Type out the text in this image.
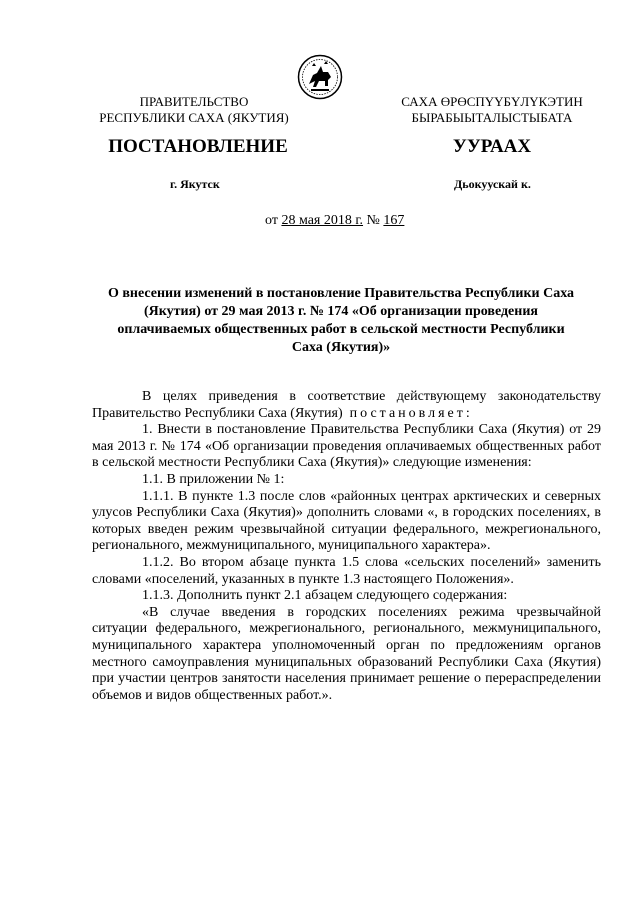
ПРАВИТЕЛЬСТВО
РЕСПУБЛИКИ САХА (ЯКУТИЯ)
САХА ӨРӨСПҮҮБҮЛҮКЭТИН
БЫРАБЫЫТАЛЫСТЫБАТА
ПОСТАНОВЛЕНИЕ	УУРААХ
г. Якутск	Дьокуускай к.
от 28 мая 2018 г. № 167
О внесении изменений в постановление Правительства Республики Саха
(Якутия) от 29 мая 2013 г. № 174 «Об организации проведения
оплачиваемых общественных работ в сельской местности Республики
Саха (Якутия)»

В целях приведения в соответствие действующему законодательству Правительство Республики Саха (Якутия) постановляет:

1. Внести в постановление Правительства Республики Саха (Якутия) от 29 мая 2013 г. № 174 «Об организации проведения оплачиваемых общественных работ в сельской местности Республики Саха (Якутия)» следующие изменения:

1.1. В приложении № 1:

1.1.1. В пункте 1.3 после слов «районных центрах арктических и северных улусов Республики Саха (Якутия)» дополнить словами «, в городских поселениях, в которых введен режим чрезвычайной ситуации федерального, межрегионального, регионального, межмуниципального, муниципального характера».

1.1.2. Во втором абзаце пункта 1.5 слова «сельских поселений» заменить словами «поселений, указанных в пункте 1.3 настоящего Положения».

1.1.3. Дополнить пункт 2.1 абзацем следующего содержания:

«В случае введения в городских поселениях режима чрезвычайной ситуации федерального, межрегионального, регионального, межмуниципального, муниципального характера уполномоченный орган по предложениям органов местного самоуправления муниципальных образований Республики Саха (Якутия) при участии центров занятости населения принимает решение о перераспределении объемов и видов общественных работ.».
